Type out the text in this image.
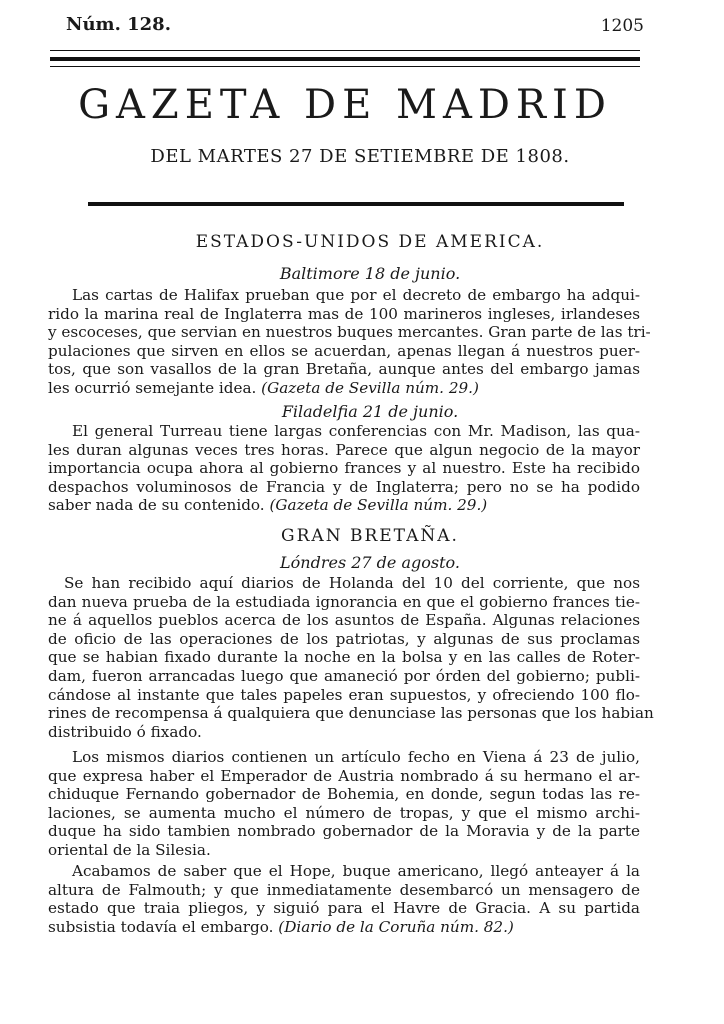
Núm. 128.	1205
GAZETA DE MADRID
DEL MARTES 27 DE SETIEMBRE DE 1808.
ESTADOS-UNIDOS DE AMERICA.
Baltimore 18 de junio.
Las cartas de Halifax prueban que por el decreto de embargo ha adqui-
rido la marina real de Inglaterra mas de 100 marineros ingleses, irlandeses
y escoceses, que servian en nuestros buques mercantes. Gran parte de las tri-
pulaciones que sirven en ellos se acuerdan, apenas llegan á nuestros puer-
tos, que son vasallos de la gran Bretaña, aunque antes del embargo jamas
les ocurrió semejante idea. (Gazeta de Sevilla núm. 29.)
Filadelfia 21 de junio.
El general Turreau tiene largas conferencias con Mr. Madison, las qua-
les duran algunas veces tres horas. Parece que algun negocio de la mayor
importancia ocupa ahora al gobierno frances y al nuestro. Este ha recibido
despachos voluminosos de Francia y de Inglaterra; pero no se ha podido
saber nada de su contenido. (Gazeta de Sevilla núm. 29.)
GRAN BRETAÑA.
Lóndres 27 de agosto.
Se han recibido aquí diarios de Holanda del 10 del corriente, que nos
dan nueva prueba de la estudiada ignorancia en que el gobierno frances tie-
ne á aquellos pueblos acerca de los asuntos de España. Algunas relaciones
de oficio de las operaciones de los patriotas, y algunas de sus proclamas
que se habian fixado durante la noche en la bolsa y en las calles de Roter-
dam, fueron arrancadas luego que amaneció por órden del gobierno; publi-
cándose al instante que tales papeles eran supuestos, y ofreciendo 100 flo-
rines de recompensa á qualquiera que denunciase las personas que los habian
distribuido ó fixado.
Los mismos diarios contienen un artículo fecho en Viena á 23 de julio,
que expresa haber el Emperador de Austria nombrado á su hermano el ar-
chiduque Fernando gobernador de Bohemia, en donde, segun todas las re-
laciones, se aumenta mucho el número de tropas, y que el mismo archi-
duque ha sido tambien nombrado gobernador de la Moravia y de la parte
oriental de la Silesia.
Acabamos de saber que el Hope, buque americano, llegó anteayer á la
altura de Falmouth; y que inmediatamente desembarcó un mensagero de
estado que traia pliegos, y siguió para el Havre de Gracia. A su partida
subsistia todavía el embargo. (Diario de la Coruña núm. 82.)
